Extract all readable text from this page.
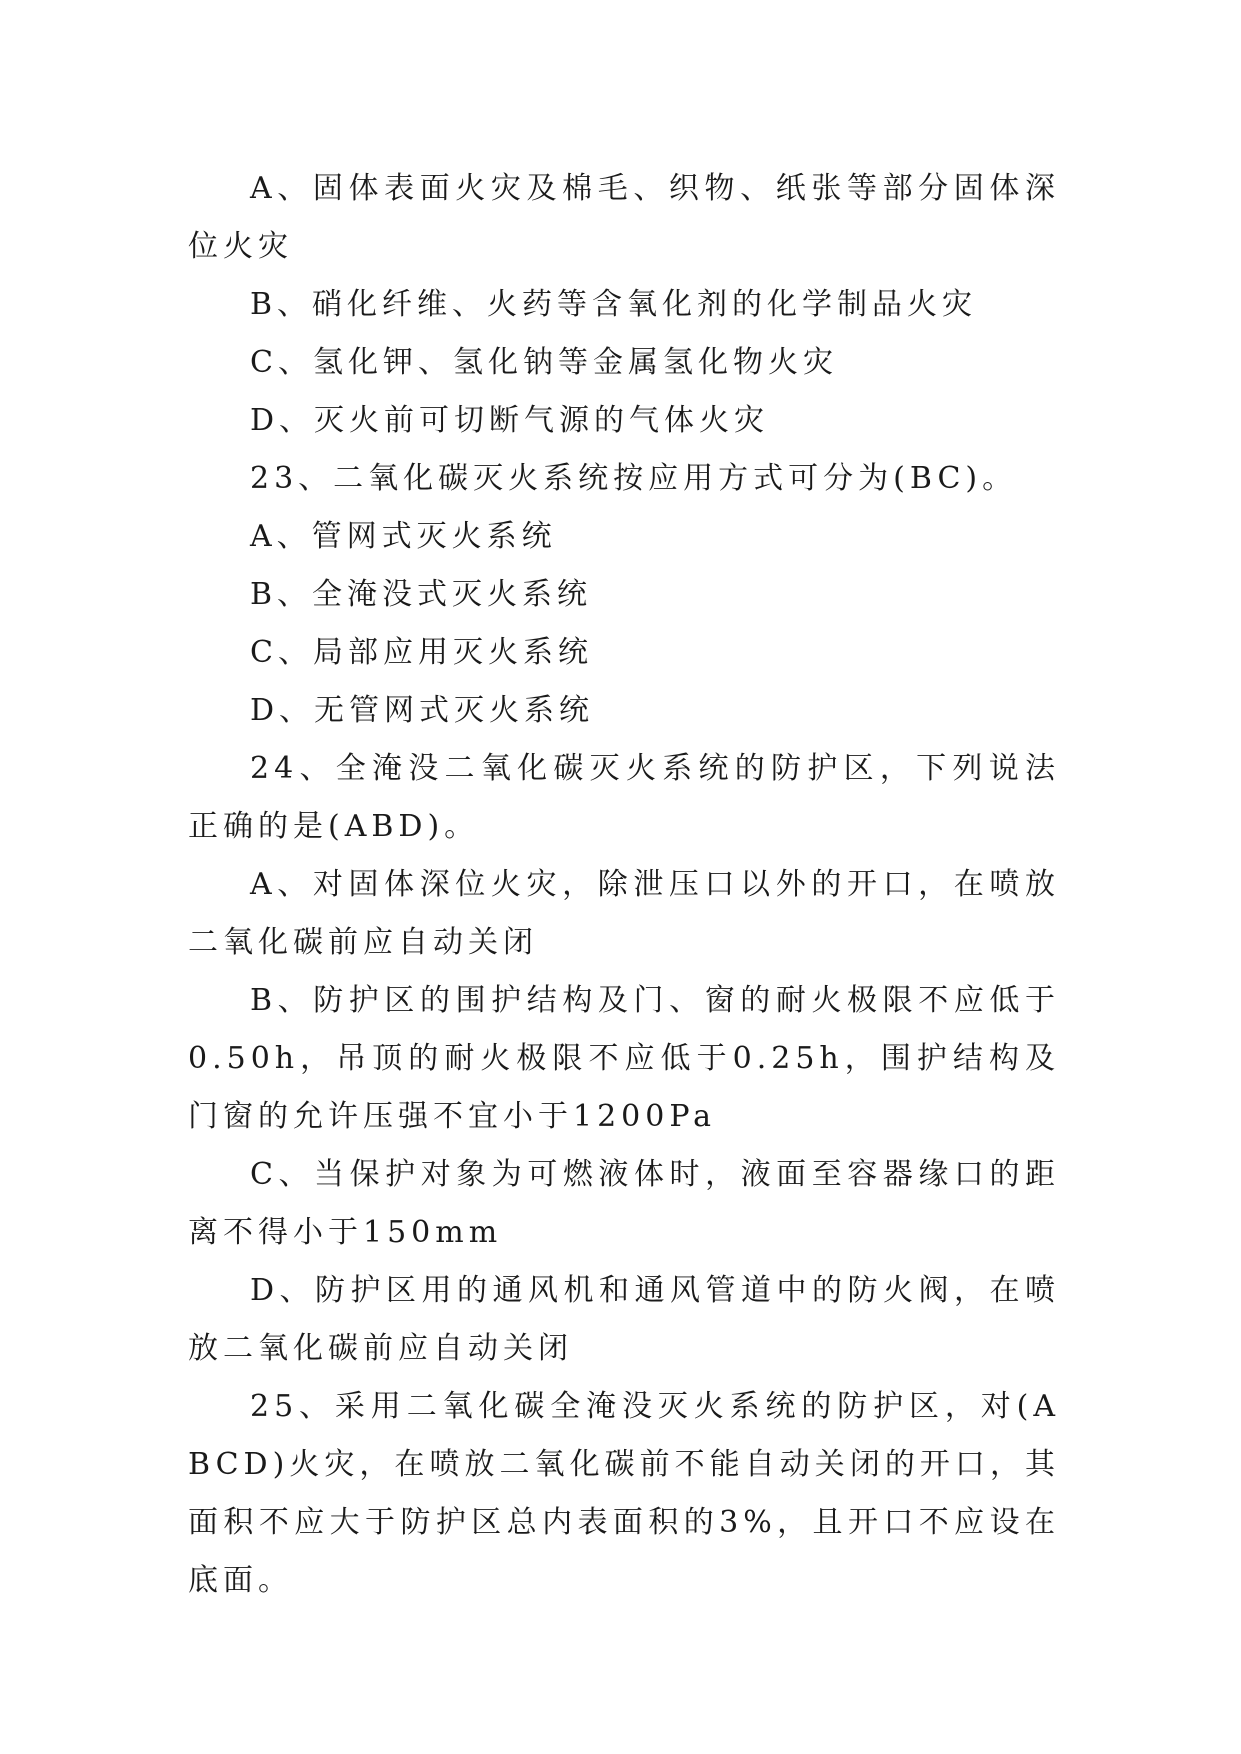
A、固体表面火灾及棉毛、织物、纸张等部分固体深位火灾

B、硝化纤维、火药等含氧化剂的化学制品火灾

C、氢化钾、氢化钠等金属氢化物火灾

D、灭火前可切断气源的气体火灾

23、二氧化碳灭火系统按应用方式可分为(BC)。

A、管网式灭火系统

B、全淹没式灭火系统

C、局部应用灭火系统

D、无管网式灭火系统

24、全淹没二氧化碳灭火系统的防护区，下列说法正确的是(ABD)。

A、对固体深位火灾，除泄压口以外的开口，在喷放二氧化碳前应自动关闭

B、防护区的围护结构及门、窗的耐火极限不应低于0.50h，吊顶的耐火极限不应低于0.25h，围护结构及门窗的允许压强不宜小于1200Pa

C、当保护对象为可燃液体时，液面至容器缘口的距离不得小于150mm

D、防护区用的通风机和通风管道中的防火阀，在喷放二氧化碳前应自动关闭

25、采用二氧化碳全淹没灭火系统的防护区，对(ABCD)火灾，在喷放二氧化碳前不能自动关闭的开口，其面积不应大于防护区总内表面积的3%，且开口不应设在底面。
